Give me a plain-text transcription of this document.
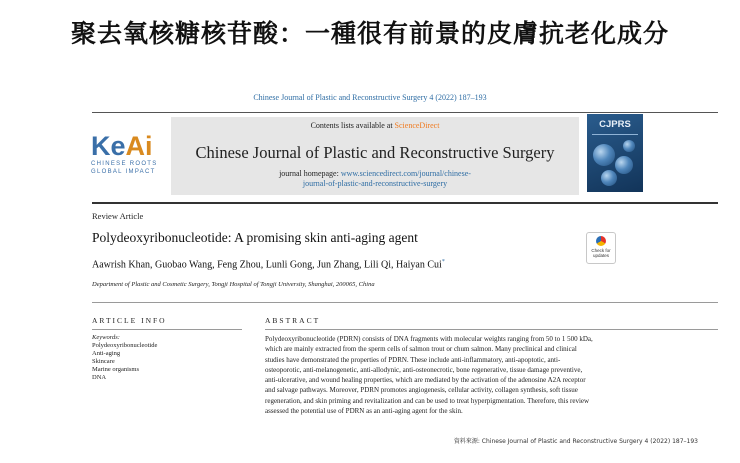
聚去氧核糖核苷酸：一種很有前景的皮膚抗老化成分
Chinese Journal of Plastic and Reconstructive Surgery 4 (2022) 187–193
KeAi
CHINESE ROOTS
GLOBAL IMPACT
Contents lists available at ScienceDirect
Chinese Journal of Plastic and Reconstructive Surgery
journal homepage: www.sciencedirect.com/journal/chinese-
journal-of-plastic-and-reconstructive-surgery
CJPRS
Review Article
Polydeoxyribonucleotide: A promising skin anti-aging agent
Check for
updates
Aawrish Khan, Guobao Wang, Feng Zhou, Lunli Gong, Jun Zhang, Lili Qi, Haiyan Cui*
Department of Plastic and Cosmetic Surgery, Tongji Hospital of Tongji University, Shanghai, 200065, China
ARTICLE INFO	ABSTRACT
Keywords:
Polydeoxyribonucleotide
Anti-aging
Skincare
Marine organisms
DNA
Polydeoxyribonucleotide (PDRN) consists of DNA fragments with molecular weights ranging from 50 to 1 500 kDa,
which are mainly extracted from the sperm cells of salmon trout or chum salmon. Many preclinical and clinical
studies have demonstrated the properties of PDRN. These include anti-inflammatory, anti-apoptotic, anti-
osteoporotic, anti-melanogenetic, anti-allodynic, anti-osteonecrotic, bone regenerative, tissue damage preventive,
anti-ulcerative, and wound healing properties, which are mediated by the activation of the adenosine A2A receptor
and salvage pathways. Moreover, PDRN promotes angiogenesis, cellular activity, collagen synthesis, soft tissue
regeneration, and skin priming and revitalization and can be used to treat hyperpigmentation. Therefore, this review
assessed the potential use of PDRN as an anti-aging agent for the skin.
資料來源: Chinese Journal of Plastic and Reconstructive Surgery 4 (2022) 187–193
